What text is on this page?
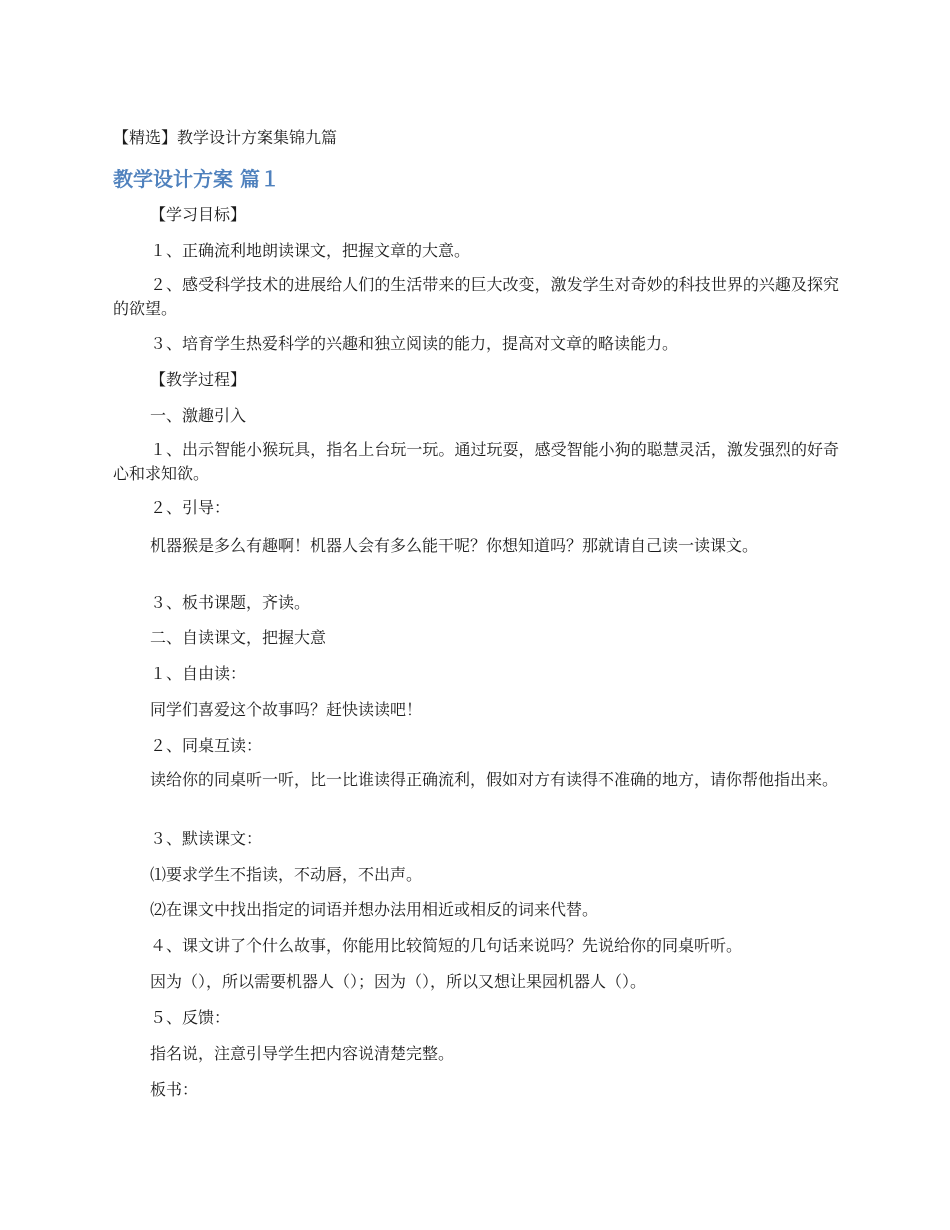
【精选】教学设计方案集锦九篇
教学设计方案 篇１
【学习目标】
１、正确流利地朗读课文，把握文章的大意。
２、感受科学技术的进展给人们的生活带来的巨大改变，激发学生对奇妙的科技世界的兴趣及探究的欲望。
３、培育学生热爱科学的兴趣和独立阅读的能力，提高对文章的略读能力。
【教学过程】
一、激趣引入
１、出示智能小猴玩具，指名上台玩一玩。通过玩耍，感受智能小狗的聪慧灵活，激发强烈的好奇心和求知欲。
２、引导：
机器猴是多么有趣啊！机器人会有多么能干呢？你想知道吗？那就请自己读一读课文。
３、板书课题，齐读。
二、自读课文，把握大意
１、自由读：
同学们喜爱这个故事吗？赶快读读吧！
２、同桌互读：
读给你的同桌听一听，比一比谁读得正确流利，假如对方有读得不准确的地方，请你帮他指出来。
３、默读课文：
⑴要求学生不指读，不动唇，不出声。
⑵在课文中找出指定的词语并想办法用相近或相反的词来代替。
４、课文讲了个什么故事，你能用比较简短的几句话来说吗？先说给你的同桌听听。
因为（），所以需要机器人（）；因为（），所以又想让果园机器人（）。
５、反馈：
指名说，注意引导学生把内容说清楚完整。
板书：
